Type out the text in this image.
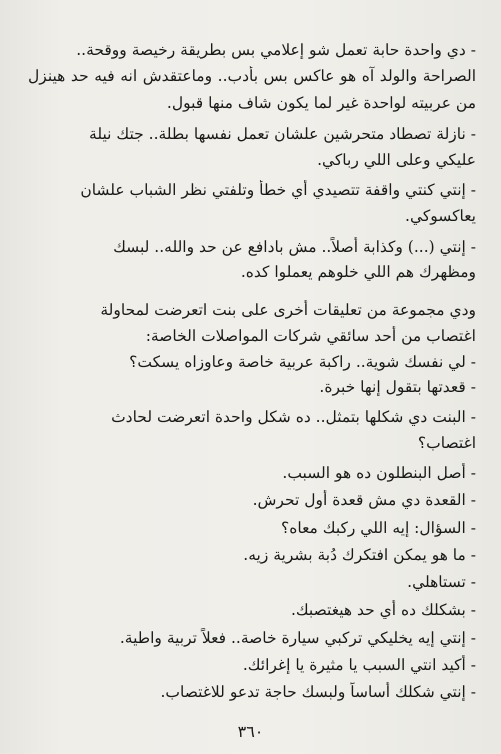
- دي واحدة حابة تعمل شو إعلامي بس بطريقة رخيصة ووقحة..
الصراحة والولد آه هو عاكس بس بأدب.. وماعتقدش انه فيه حد هينزل
من عربيته لواحدة غير لما يكون شاف منها قبول.
- نازلة تصطاد متحرشين علشان تعمل نفسها بطلة.. جتك نيلة
عليكي وعلى اللي رباكي.
- إنتي كنتي واقفة تتصيدي أي خطأ وتلفتي نظر الشباب علشان
يعاكسوكي.
- إنتي (...) وكذابة أصلاً.. مش بادافع عن حد والله.. لبسك
ومظهرك هم اللي خلوهم يعملوا كده.
ودي مجموعة من تعليقات أخرى على بنت اتعرضت لمحاولة
اغتصاب من أحد سائقي شركات المواصلات الخاصة:
- لي نفسك شوية.. راكبة عربية خاصة وعاوزاه يسكت؟
- قعدتها بتقول إنها خبرة.
- البنت دي شكلها بتمثل.. ده شكل واحدة اتعرضت لحادث
اغتصاب؟
- أصل البنطلون ده هو السبب.
- القعدة دي مش قعدة أول تحرش.
- السؤال: إيه اللي ركبك معاه؟
- ما هو يمكن افتكرك دُبة بشرية زيه.
- تستاهلي.
- بشكلك ده أي حد هيغتصبك.
- إنتي إيه يخليكي تركبي سيارة خاصة.. فعلاً تربية واطية.
- أكيد انتي السبب يا مثيرة يا إغرائك.
- إنتي شكلك أساساً ولبسك حاجة تدعو للاغتصاب.
٣٦٠
